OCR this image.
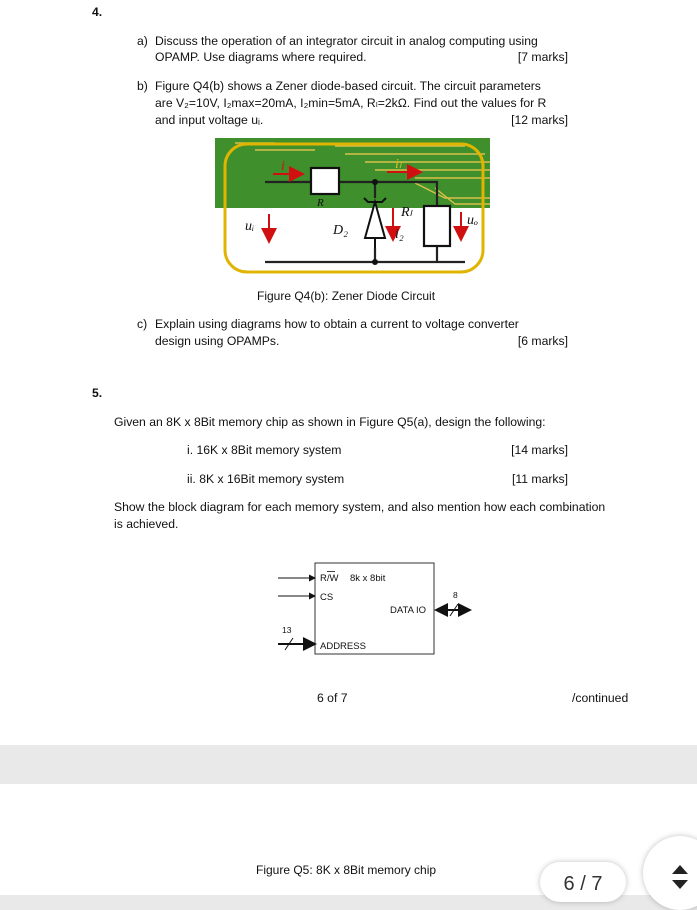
4.
a) Discuss the operation of an integrator circuit in analog computing using
OPAMP. Use diagrams where required.	[7 marks]
b) Figure Q4(b) shows a Zener diode-based circuit. The circuit parameters
are V₂=10V, I₂max=20mA, I₂min=5mA, Rₗ=2kΩ. Find out the values for R
and input voltage uᵢ.	[12 marks]
i	iₗ
R
Rₗ
uᵢ	D₂	i₂
uₒ
Figure Q4(b): Zener Diode Circuit
c) Explain using diagrams how to obtain a current to voltage converter
design using OPAMPs.	[6 marks]
5.
Given an 8K x 8Bit memory chip as shown in Figure Q5(a), design the following:
i. 16K x 8Bit memory system	[14 marks]
ii. 8K x 16Bit memory system	[11 marks]
Show the block diagram for each memory system, and also mention how each combination
is achieved.
R/W 8k x 8bit
CS
DATA IO
ADDRESS
13
8
6 of 7	/continued
Figure Q5: 8K x 8Bit memory chip
6 / 7
